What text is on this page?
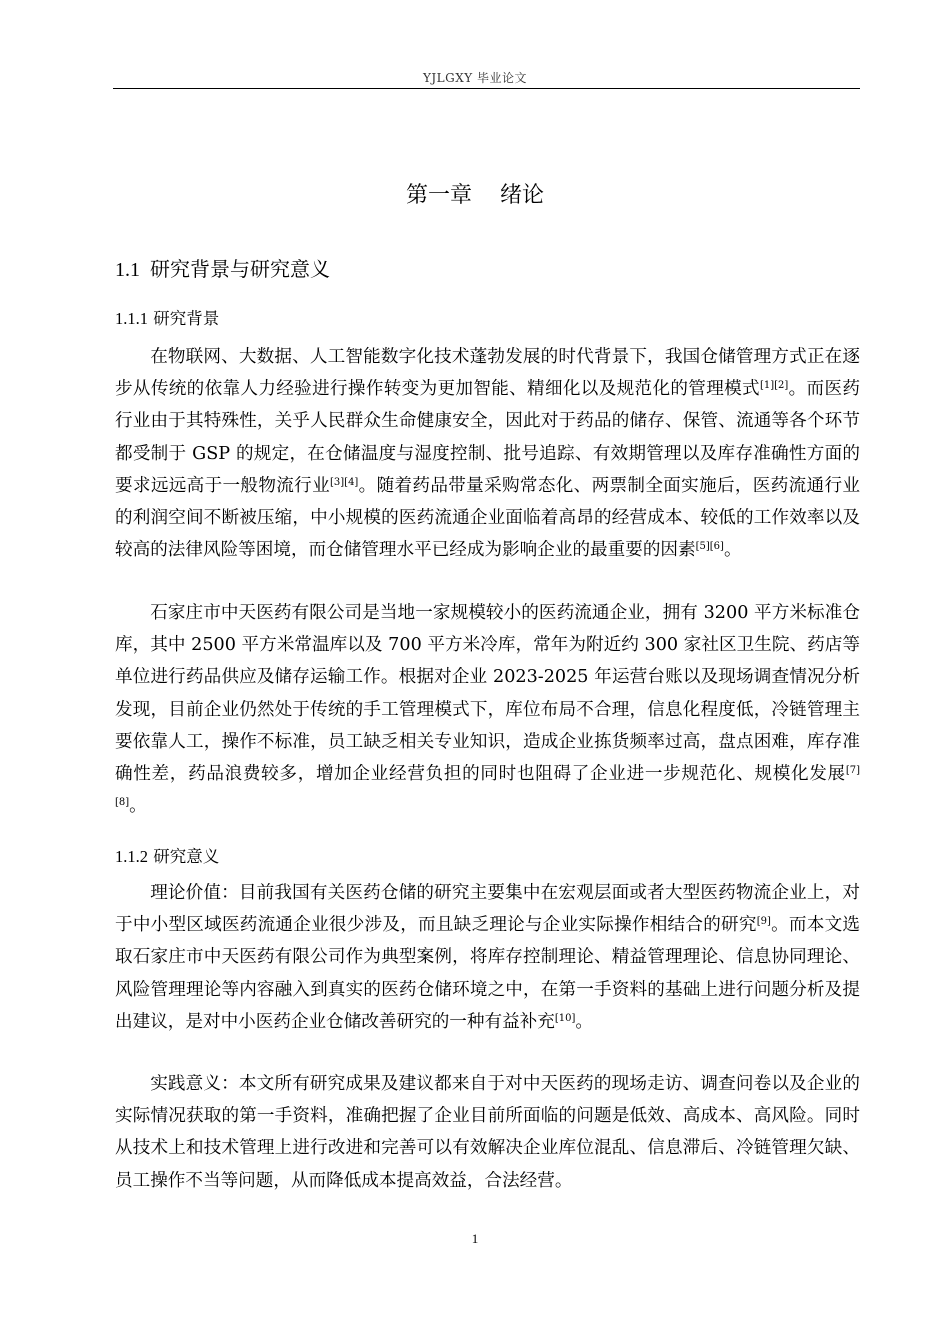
YJLGXY 毕业论文
第一章 绪论
1.1 研究背景与研究意义
1.1.1 研究背景

在物联网、大数据、人工智能数字化技术蓬勃发展的时代背景下，我国仓储管理方式正在逐步从传统的依靠人力经验进行操作转变为更加智能、精细化以及规范化的管理模式[1][2]。而医药行业由于其特殊性，关乎人民群众生命健康安全，因此对于药品的储存、保管、流通等各个环节都受制于 GSP 的规定，在仓储温度与湿度控制、批号追踪、有效期管理以及库存准确性方面的要求远远高于一般物流行业[3][4]。随着药品带量采购常态化、两票制全面实施后，医药流通行业的利润空间不断被压缩，中小规模的医药流通企业面临着高昂的经营成本、较低的工作效率以及较高的法律风险等困境，而仓储管理水平已经成为影响企业的最重要的因素[5][6]。

石家庄市中天医药有限公司是当地一家规模较小的医药流通企业，拥有 3200 平方米标准仓库，其中 2500 平方米常温库以及 700 平方米冷库，常年为附近约 300 家社区卫生院、药店等单位进行药品供应及储存运输工作。根据对企业 2023-2025 年运营台账以及现场调查情况分析发现，目前企业仍然处于传统的手工管理模式下，库位布局不合理，信息化程度低，冷链管理主要依靠人工，操作不标准，员工缺乏相关专业知识，造成企业拣货频率过高，盘点困难，库存准确性差，药品浪费较多，增加企业经营负担的同时也阻碍了企业进一步规范化、规模化发展[7][8]。

1.1.2 研究意义

理论价值：目前我国有关医药仓储的研究主要集中在宏观层面或者大型医药物流企业上，对于中小型区域医药流通企业很少涉及，而且缺乏理论与企业实际操作相结合的研究[9]。而本文选取石家庄市中天医药有限公司作为典型案例，将库存控制理论、精益管理理论、信息协同理论、风险管理理论等内容融入到真实的医药仓储环境之中，在第一手资料的基础上进行问题分析及提出建议，是对中小医药企业仓储改善研究的一种有益补充[10]。

实践意义：本文所有研究成果及建议都来自于对中天医药的现场走访、调查问卷以及企业的实际情况获取的第一手资料，准确把握了企业目前所面临的问题是低效、高成本、高风险。同时从技术上和技术管理上进行改进和完善可以有效解决企业库位混乱、信息滞后、冷链管理欠缺、员工操作不当等问题，从而降低成本提高效益，合法经营。

1
